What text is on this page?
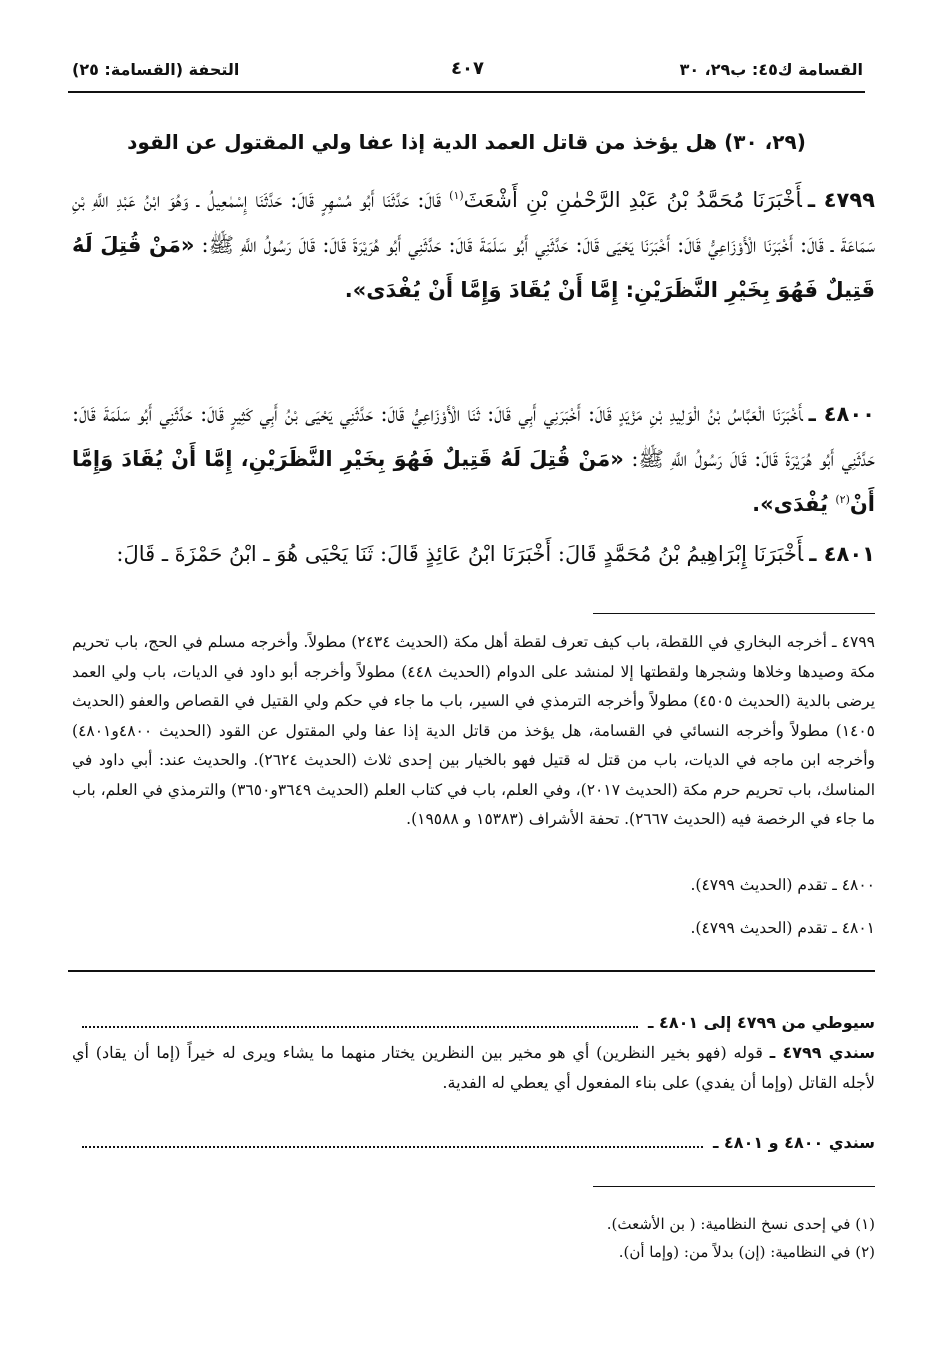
القسامة ك٤٥: ب٢٩، ٣٠
٤٠٧
التحفة (القسامة: ٢٥)
(٢٩، ٣٠) هل يؤخذ من قاتل العمد الدية إذا عفا ولي المقتول عن القود
٤٧٩٩ ـأَخْبَرَنَا مُحَمَّدُ بْنُ عَبْدِ الرَّحْمٰنِ بْنِ أَشْعَثَ$^{(١)}$ قَالَ: حَدَّثَنَا أَبُو مُسْهِرٍ قَالَ: حَدَّثَنَا إِسْمٰعِيلُ ـ وَهُوَ ابْنُ عَبْدِ اللَّهِ بْنِ سَمَاعَةَ ـ قَالَ: أَخْبَرَنَا الْأَوْزَاعِيُّ قَالَ: أَخْبَرَنَا يَحْيَى قَالَ: حَدَّثَنِي أَبُو سَلَمَةَ قَالَ: حَدَّثَنِي أَبُو هُرَيْرَةَ قَالَ: قَالَ رَسُولُ اللَّهِ ﷺ: «مَنْ قُتِلَ لَهُ قَتِيلٌ فَهُوَ بِخَيْرِ النَّظَرَيْنِ: إِمَّا أَنْ يُقَادَ وَإِمَّا أَنْ يُفْدَى».
٤٨٠٠ ـأَخْبَرَنَا الْعَبَّاسُ بْنُ الْوَلِيدِ بْنِ مَزْيَدٍ قَالَ: أَخْبَرَنِي أَبِي قَالَ: ثَنَا الْأَوْزَاعِيُّ قَالَ: حَدَّثَنِي يَحْيَى بْنُ أَبِي كَثِيرٍ قَالَ: حَدَّثَنِي أَبُو سَلَمَةَ قَالَ: حَدَّثَنِي أَبُو هُرَيْرَةَ قَالَ: قَالَ رَسُولُ اللَّهِ ﷺ: «مَنْ قُتِلَ لَهُ قَتِيلٌ فَهُوَ بِخَيْرِ النَّظَرَيْنِ، إِمَّا أَنْ يُقَادَ وَإِمَّا أَنْ$^{(٢)}$ يُفْدَى».
٤٨٠١ ـأَخْبَرَنَا إِبْرَاهِيمُ بْنُ مُحَمَّدٍ قَالَ: أَخْبَرَنَا ابْنُ عَائِذٍ قَالَ: ثَنَا يَحْيَى هُوَ ـ ابْنُ حَمْزَةَ ـ قَالَ:
٤٧٩٩ ـ أخرجه البخاري في اللقطة، باب كيف تعرف لقطة أهل مكة (الحديث ٢٤٣٤) مطولاً. وأخرجه مسلم في الحج، باب تحريم مكة وصيدها وخلاها وشجرها ولقطتها إلا لمنشد على الدوام (الحديث ٤٤٨) مطولاً وأخرجه أبو داود في الديات، باب ولي العمد يرضى بالدية (الحديث ٤٥٠٥) مطولاً وأخرجه الترمذي في السير، باب ما جاء في حكم ولي القتيل في القصاص والعفو (الحديث ١٤٠٥) مطولاً وأخرجه النسائي في القسامة، هل يؤخذ من قاتل الدية إذا عفا ولي المقتول عن القود (الحديث ٤٨٠٠و٤٨٠١) وأخرجه ابن ماجه في الديات، باب من قتل له قتيل فهو بالخيار بين إحدى ثلاث (الحديث ٢٦٢٤). والحديث عند: أبي داود في المناسك، باب تحريم حرم مكة (الحديث ٢٠١٧)، وفي العلم، باب في كتاب العلم (الحديث ٣٦٤٩و٣٦٥٠) والترمذي في العلم، باب ما جاء في الرخصة فيه (الحديث ٢٦٦٧). تحفة الأشراف (١٥٣٨٣ و ١٩٥٨٨).
٤٨٠٠ ـ تقدم (الحديث ٤٧٩٩).
٤٨٠١ ـ تقدم (الحديث ٤٧٩٩).
سيوطي من ٤٧٩٩ إلى ٤٨٠١ ـ
سندي ٤٧٩٩ ـ قوله (فهو بخير النظرين) أي هو مخير بين النظرين يختار منهما ما يشاء ويرى له خيراً (إما أن يقاد) أي لأجله القاتل (وإما أن يفدي) على بناء المفعول أي يعطي له الفدية.
سندي ٤٨٠٠ و ٤٨٠١ ـ
(١) في إحدى نسخ النظامية: ( بن الأشعث).
(٢) في النظامية: (إن) بدلاً من: (وإما أن).
